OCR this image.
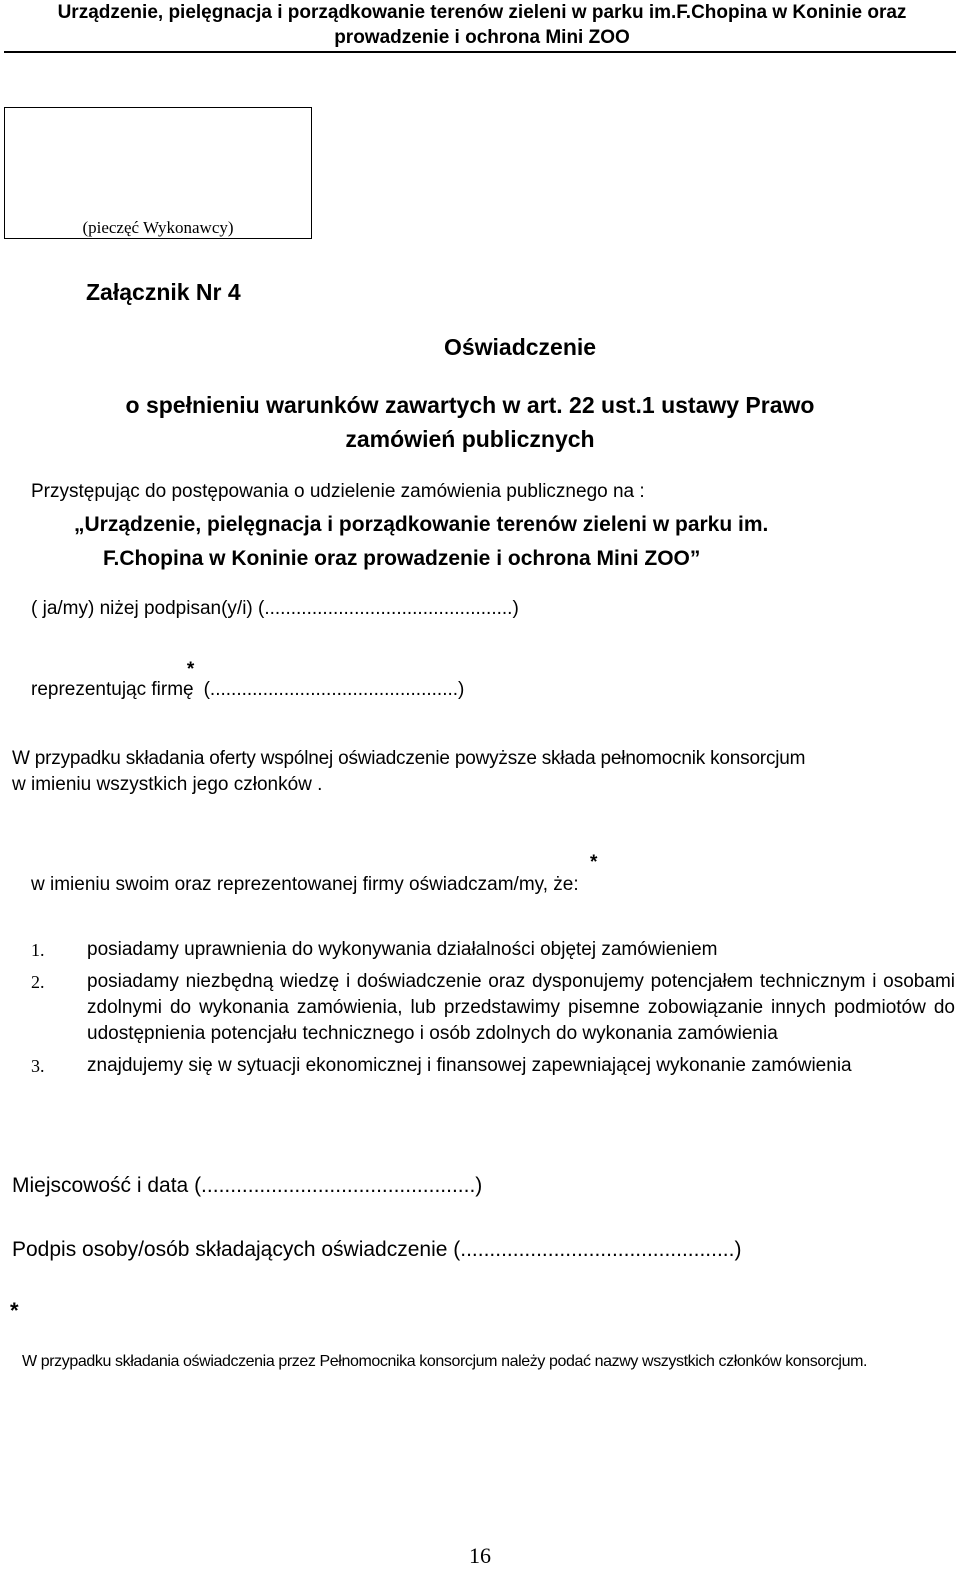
Urządzenie, pielęgnacja i porządkowanie terenów zieleni w parku im.F.Chopina w Koninie oraz
prowadzenie i ochrona Mini ZOO
(pieczęć Wykonawcy)
Załącznik Nr 4
Oświadczenie
o spełnieniu warunków zawartych w art. 22 ust.1 ustawy Prawo
zamówień publicznych
Przystępując do postępowania o udzielenie zamówienia publicznego na :
„Urządzenie, pielęgnacja i porządkowanie terenów zieleni w parku im.
F.Chopina w Koninie oraz prowadzenie i ochrona Mini ZOO”
( ja/my) niżej podpisan(y/i) (...............................................)
reprezentując firmę * (...............................................)
W przypadku składania oferty wspólnej oświadczenie powyższe składa pełnomocnik konsorcjum
w imieniu wszystkich jego członków .
w imieniu swoim oraz reprezentowanej firmy oświadczam/my, że: *
1.	posiadamy uprawnienia do wykonywania działalności objętej zamówieniem
2.	posiadamy niezbędną wiedzę i doświadczenie oraz dysponujemy potencjałem technicznym i osobami zdolnymi do wykonania zamówienia, lub przedstawimy pisemne zobowiązanie innych podmiotów do udostępnienia potencjału technicznego i osób zdolnych do wykonania zamówienia
3.	znajdujemy się w sytuacji ekonomicznej i finansowej zapewniającej wykonanie zamówienia
Miejscowość i data (...............................................)
Podpis osoby/osób składających oświadczenie (...............................................)
*
W przypadku składania oświadczenia przez Pełnomocnika konsorcjum należy podać nazwy wszystkich członków konsorcjum.
16
